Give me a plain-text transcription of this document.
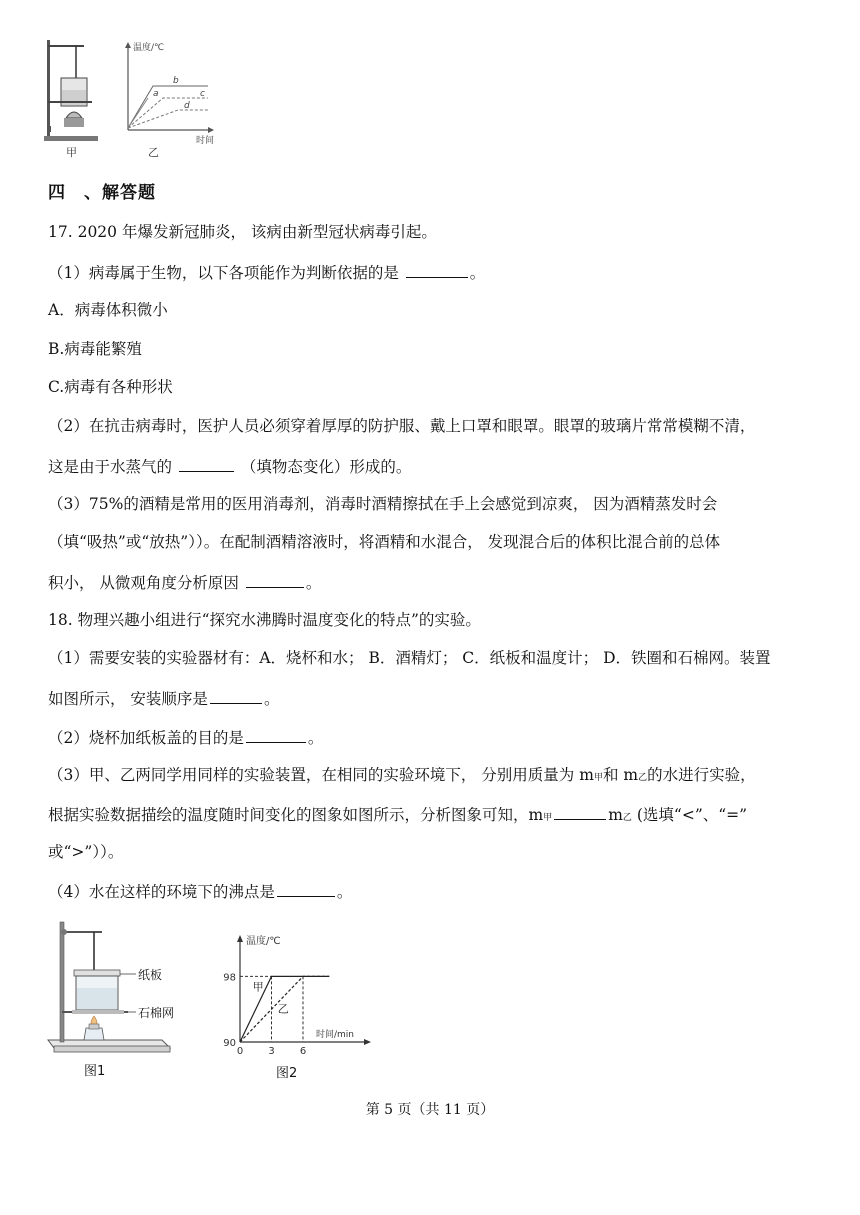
甲
温度/℃
时间
b
a	c
d
乙
四　、解答题
17. 2020 年爆发新冠肺炎， 该病由新型冠状病毒引起。
（1）病毒属于生物，以下各项能作为判断依据的是	。
A．病毒体积微小
B.病毒能繁殖
C.病毒有各种形状
（2）在抗击病毒时，医护人员必须穿着厚厚的防护服、戴上口罩和眼罩。眼罩的玻璃片常常模糊不清，
这是由于水蒸气的	（填物态变化）形成的。
（3）75%的酒精是常用的医用消毒剂，消毒时酒精擦拭在手上会感觉到凉爽， 因为酒精蒸发时会
（填“吸热”或“放热”））。在配制酒精溶液时，将酒精和水混合， 发现混合后的体积比混合前的总体
积小， 从微观角度分析原因	。
18. 物理兴趣小组进行“探究水沸腾时温度变化的特点”的实验。
（1）需要安装的实验器材有：A．烧杯和水； B．酒精灯； C．纸板和温度计； D．铁圈和石棉网。装置
如图所示， 安装顺序是	。
（2）烧杯加纸板盖的目的是	。
（3）甲、乙两同学用同样的实验装置，在相同的实验环境下， 分别用质量为 m甲和 m乙的水进行实验，
根据实验数据描绘的温度随时间变化的图象如图所示，分析图象可知，m甲	m乙 (选填“<”、“=”
或“>”））。
（4）水在这样的环境下的沸点是	。
纸板
石棉网
图1
温度/℃
时间/min
98
90
0	3	6
甲
乙
图2
第 5 页（共 11 页）
